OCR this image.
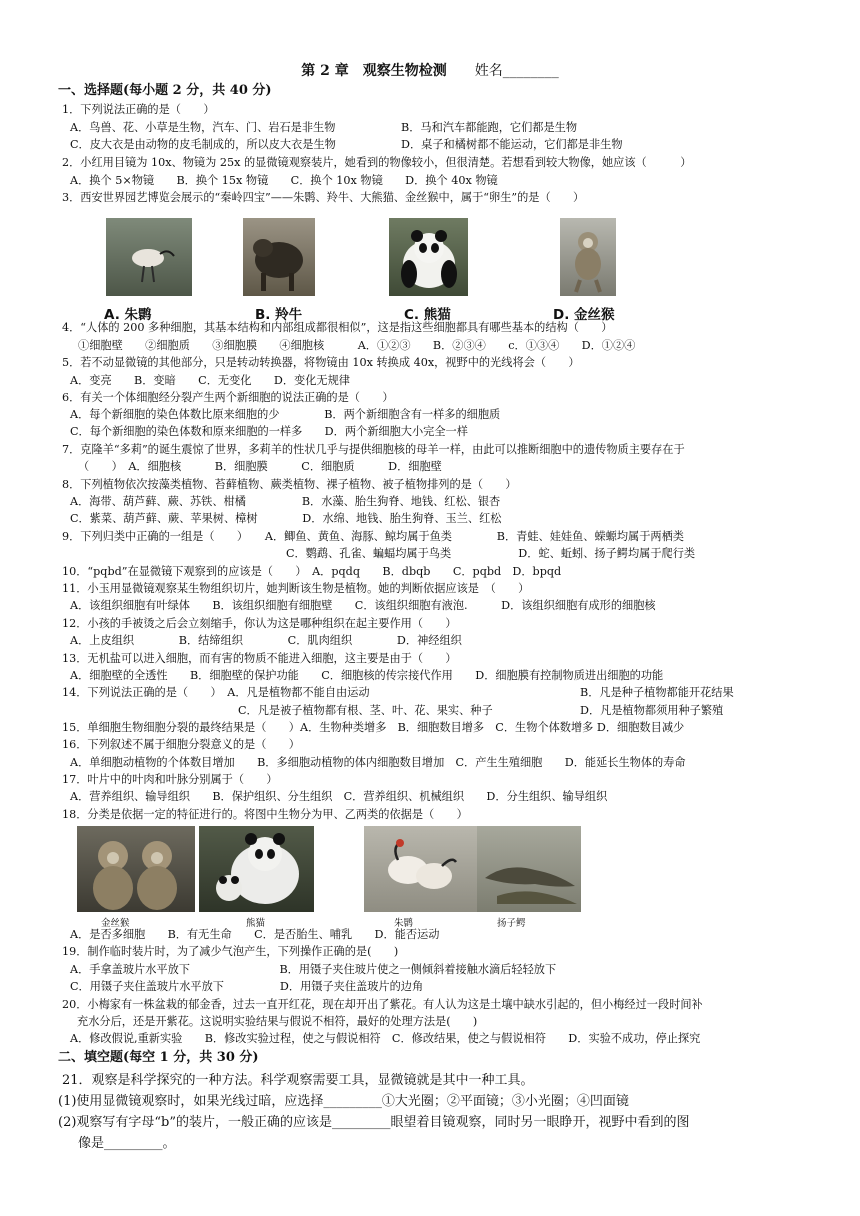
第 2 章　观察生物检测 姓名________
一、选择题(每小题 2 分，共 40 分)
1．下列说法正确的是（　　）
A．鸟兽、花、小草是生物，汽车、门、岩石是非生物	B．马和汽车都能跑，它们都是生物
C．皮大衣是由动物的皮毛制成的，所以皮大衣是生物	D．桌子和橘树都不能运动，它们都是非生物
2．小红用目镜为 10x、物镜为 25x 的显微镜观察装片，她看到的物像较小，但很清楚。若想看到较大物像，她应该（　　　）
A．换个 5×物镜　　B．换个 15x 物镜　　C．换个 10x 物镜　　D．换个 40x 物镜
3．西安世界园艺博览会展示的“秦岭四宝”——朱鹮、羚牛、大熊猫、金丝猴中，属于“卵生”的是（　　）
A. 朱鹮	B. 羚牛	C. 熊猫	D. 金丝猴
4．“人体的 200 多种细胞，其基本结构和内部组成都很相似”，这是指这些细胞都具有哪些基本的结构（　　）
①细胞壁　　②细胞质　　③细胞膜　　④细胞核　　　A．①②③　　B．②③④　　c．①③④　　D．①②④
5．若不动显微镜的其他部分，只是转动转换器，将物镜由 10x 转换成 40x，视野中的光线将会（　　）
A．变亮　　B．变暗　　C．无变化　　D．变化无规律
6．有关一个体细胞经分裂产生两个新细胞的说法正确的是（　　）
A．每个新细胞的染色体数比原来细胞的少　　　　B．两个新细胞含有一样多的细胞质
C．每个新细胞的染色体数和原来细胞的一样多　　D．两个新细胞大小完全一样
7．克隆羊“多莉”的诞生震惊了世界，多莉羊的性状几乎与提供细胞核的母羊一样，由此可以推断细胞中的遗传物质主要存在于
（　　）　A．细胞核　　　B．细胞膜　　　C．细胞质　　　D．细胞壁
8．下列植物依次按藻类植物、苔藓植物、蕨类植物、裸子植物、被子植物排列的是（　　）
A．海带、葫芦藓、蕨、苏铁、柑橘　　　　　B．水藻、胎生狗脊、地钱、红松、银杏
C．紫菜、葫芦藓、蕨、苹果树、樟树　　　　D．水绵、地钱、胎生狗脊、玉兰、红松
9．下列归类中正确的一组是（　　）　　A．鲫鱼、黄鱼、海豚、鲸均属于鱼类　　　　B．青蛙、娃娃鱼、蝾螈均属于两栖类
C．鹦鹉、孔雀、蝙蝠均属于鸟类　　　　　　D．蛇、蚯蚓、扬子鳄均属于爬行类
10．“pqbd”在显微镜下观察到的应该是（　　）　A．pqdq　　B．dbqb　　C．pqbd　D．bpqd
11．小玉用显微镜观察某生物组织切片，她判断该生物是植物。她的判断依据应该是　（　　）
A．该组织细胞有叶绿体　　B．该组织细胞有细胞壁　　C．该组织细胞有液泡.　　　D．该组织细胞有成形的细胞核
12．小孩的手被烫之后会立刻缩手，你认为这是哪种组织在起主要作用（　　）
A．上皮组织　　　　B．结缔组织　　　　C．肌肉组织　　　　D．神经组织
13．无机盐可以进入细胞，而有害的物质不能进入细胞，这主要是由于（　　）
A．细胞壁的全透性　　B．细胞壁的保护功能　　C．细胞核的传宗接代作用　　D．细胞膜有控制物质进出细胞的功能
14．下列说法正确的是（　　）　A．凡是植物都不能自由运动	B．凡是种子植物都能开花结果
C．凡是被子植物都有根、茎、叶、花、果实、种子	D．凡是植物都须用种子繁殖
15．单细胞生物细胞分裂的最终结果是（　　）A．生物种类增多　B．细胞数目增多　C．生物个体数增多 D．细胞数目减少
16．下列叙述不属于细胞分裂意义的是（　　）
A．单细胞动植物的个体数目增加　　B．多细胞动植物的体内细胞数目增加　C．产生生殖细胞　　D．能延长生物体的寿命
17．叶片中的叶肉和叶脉分别属于（　　）
A．营养组织、输导组织　　B．保护组织、分生组织　C．营养组织、机械组织　　D．分生组织、输导组织
18．分类是依据一定的特征进行的。将图中生物分为甲、乙两类的依据是（　　）
金丝猴	熊猫	朱鹮	扬子鳄
A．是否多细胞　　B．有无生命　　C．是否胎生、哺乳　　D．能否运动
19．制作临时装片时，为了减少气泡产生，下列操作正确的是(　　)
A．手拿盖玻片水平放下　　　　　　　　B．用镊子夹住玻片使之一侧倾斜着接触水滴后轻轻放下
C．用镊子夹住盖玻片水平放下　　　　　D．用镊子夹住盖玻片的边角
20．小梅家有一株盆栽的郁金香，过去一直开红花，现在却开出了紫花。有人认为这是土壤中缺水引起的，但小梅经过一段时间补
充水分后，还是开紫花。这说明实验结果与假说不相符，最好的处理方法是(　　)
A．修改假说,重新实验　　B．修改实验过程，使之与假说相符　C．修改结果，使之与假说相符　　D．实验不成功，停止探究
二、填空题(每空 1 分，共 30 分)
21．观察是科学探究的一种方法。科学观察需要工具，显微镜就是其中一种工具。
(1)使用显微镜观察时，如果光线过暗，应选择_________①大光圈；②平面镜；③小光圈；④凹面镜
(2)观察写有字母“b”的装片，一般正确的应该是_________眼望着目镜观察，同时另一眼睁开，视野中看到的图
像是_________。
